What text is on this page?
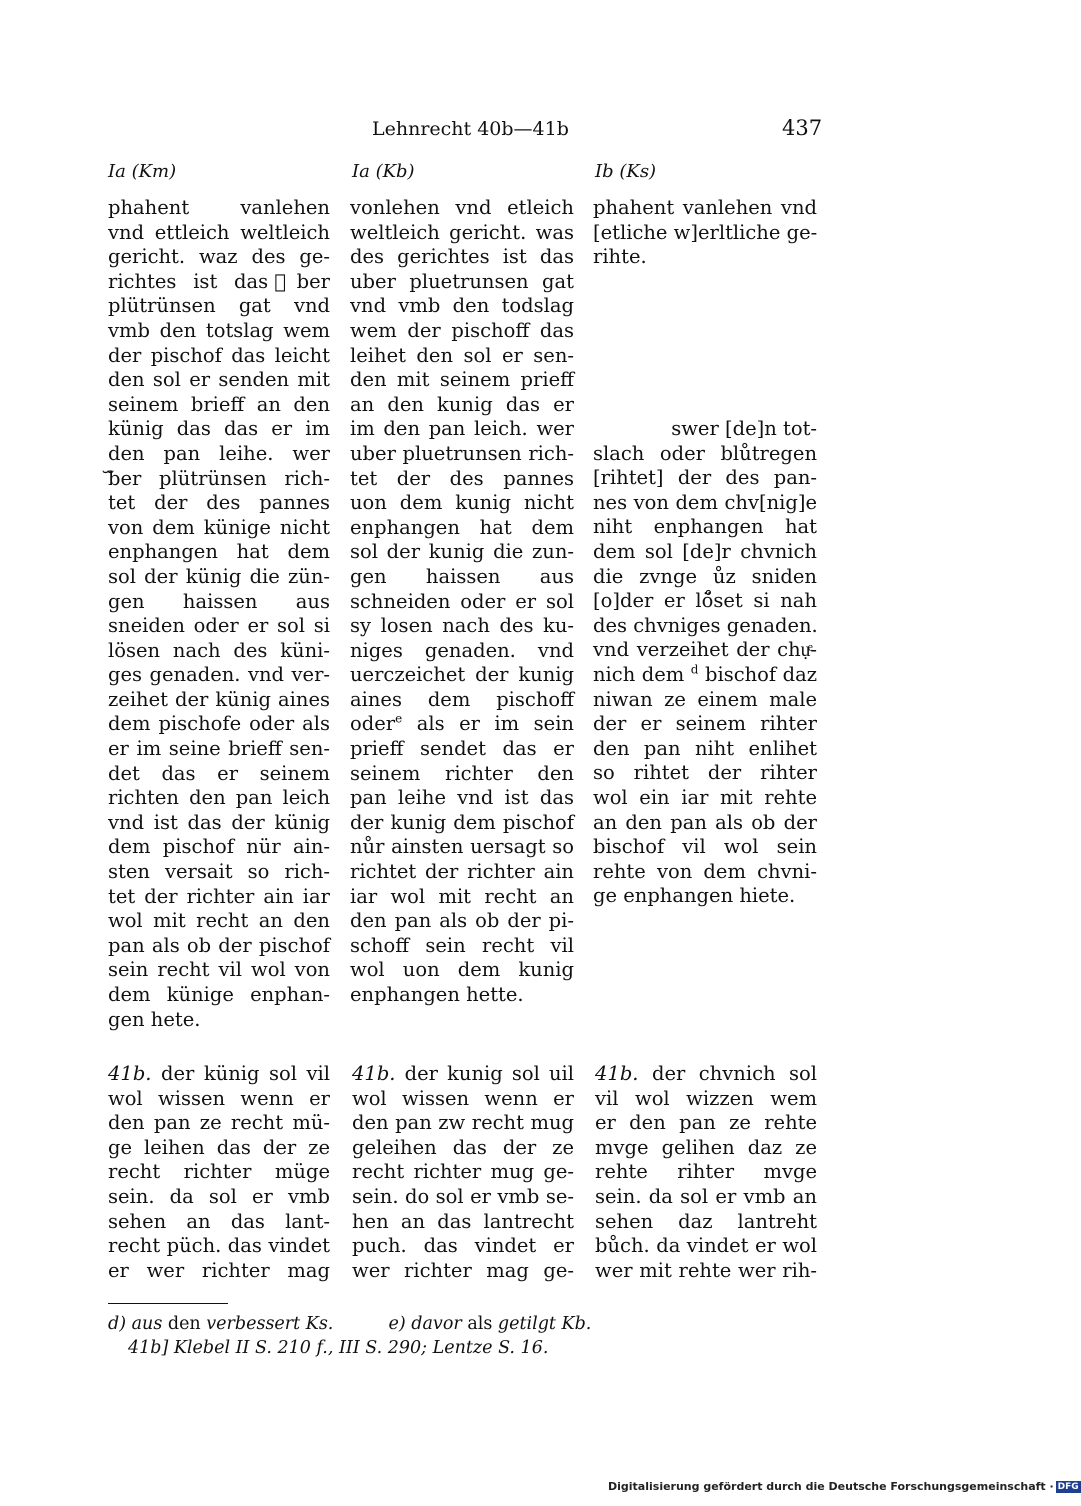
Lehnrecht 40b—41b	437
Ia (Km)	Ia (Kb)	Ib (Ks)
phahent vanlehen
vnd ettleich weltleich
gericht. waz des ge-
richtes ist das ᷓber
plütrünsen gat vnd
vmb den totslag wem
der pischof das leicht
den sol er senden mit
seinem brieff an den
künig das das er im
den pan leihe. wer
ᷓber plütrünsen rich-
tet der des pannes
von dem künige nicht
enphangen hat dem
sol der künig die zün-
gen haissen aus
sneiden oder er sol si
lösen nach des küni-
ges genaden. vnd ver-
zeihet der künig aines
dem pischofe oder als
er im seine brieff sen-
det das er seinem
richten den pan leich
vnd ist das der künig
dem pischof nür ain-
sten versait so rich-
tet der richter ain iar
wol mit recht an den
pan als ob der pischof
sein recht vil wol von
dem künige enphan-
gen hete.
vonlehen vnd etleich
weltleich gericht. was
des gerichtes ist das
uber pluetrunsen gat
vnd vmb den todslag
wem der pischoff das
leihet den sol er sen-
den mit seinem prieff
an den kunig das er
im den pan leich. wer
uber pluetrunsen rich-
tet der des pannes
uon dem kunig nicht
enphangen hat dem
sol der kunig die zun-
gen haissen aus
schneiden oder er sol
sy losen nach des ku-
niges genaden. vnd
uerczeichet der kunig
aines dem pischoff
oder$^e$ als er im sein
prieff sendet das er
seinem richter den
pan leihe vnd ist das
der kunig dem pischof
nůr ainsten uersagt so
richtet der richter ain
iar wol mit recht an
den pan als ob der pi-
schoff sein recht vil
wol uon dem kunig
enphangen hette.
phahent vanlehen vnd
[etliche w]erltliche ge-
rihte.
swer [de]n tot-
slach oder blůtregen
[rihtet] der des pan-
nes von dem chv[nig]e
niht enphangen hat
dem sol [de]r chvnich
die zvnge ůz sniden
[o]der er lö̊set si nah
des chvniges genaden.
vnd verzeihet der chụͤ-
nich dem $^d$ bischof daz
niwan ze einem male
der er seinem rihter
den pan niht enlihet
so rihtet der rihter
wol ein iar mit rehte
an den pan als ob der
bischof vil wol sein
rehte von dem chvni-
ge enphangen hiete.
41b. der künig sol vil
wol wissen wenn er
den pan ze recht mü-
ge leihen das der ze
recht richter müge
sein. da sol er vmb
sehen an das lant-
recht püch. das vindet
er wer richter mag
41b. der kunig sol uil
wol wissen wenn er
den pan zw recht mug
geleihen das der ze
recht richter mug ge-
sein. do sol er vmb se-
hen an das lantrecht
puch. das vindet er
wer richter mag ge-
41b. der chvnich sol
vil wol wizzen wem
er den pan ze rehte
mvge gelihen daz ze
rehte rihter mvge
sein. da sol er vmb an
sehen daz lantreht
bůch. da vindet er wol
wer mit rehte wer rih-
d) aus den verbessert Ks.	e) davor als getilgt Kb.
41b] Klebel II S. 210 f., III S. 290; Lentze S. 16.
Digitalisierung gefördert durch die Deutsche Forschungsgemeinschaft · DFG
